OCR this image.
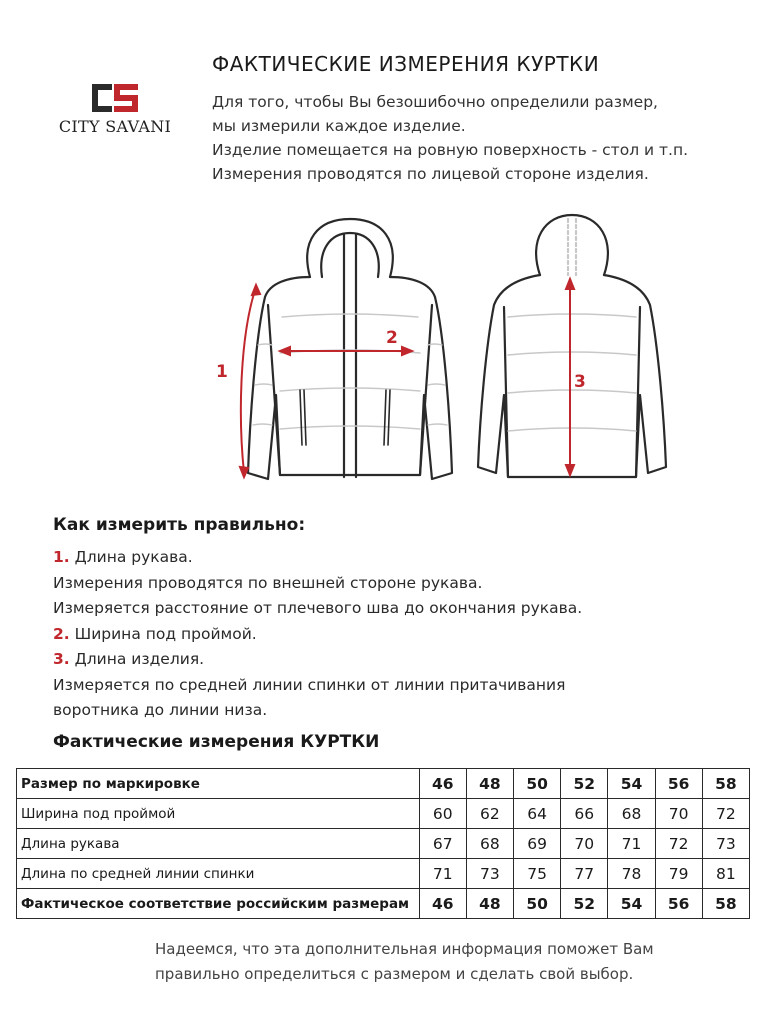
CITY SAVANI
ФАКТИЧЕСКИЕ ИЗМЕРЕНИЯ КУРТКИ
Для того, чтобы Вы безошибочно определили размер,
мы измерили каждое изделие.
Изделие помещается на ровную поверхность - стол и т.п.
Измерения проводятся по лицевой стороне изделия.
1
2
3
Как измерить правильно:
1. Длина рукава.
Измерения проводятся по внешней стороне рукава.
Измеряется расстояние от плечевого шва до окончания рукава.
2. Ширина под проймой.
3. Длина изделия.
Измеряется по средней линии спинки от линии притачивания
воротника до линии низа.
Фактические измерения КУРТКИ
Размер по маркировке	46	48	50	52	54	56	58
Ширина под проймой	60	62	64	66	68	70	72
Длина рукава	67	68	69	70	71	72	73
Длина по средней линии спинки	71	73	75	77	78	79	81
Фактическое соответствие российским размерам	46	48	50	52	54	56	58
Надеемся, что эта дополнительная информация поможет Вам
правильно определиться с размером и сделать свой выбор.
